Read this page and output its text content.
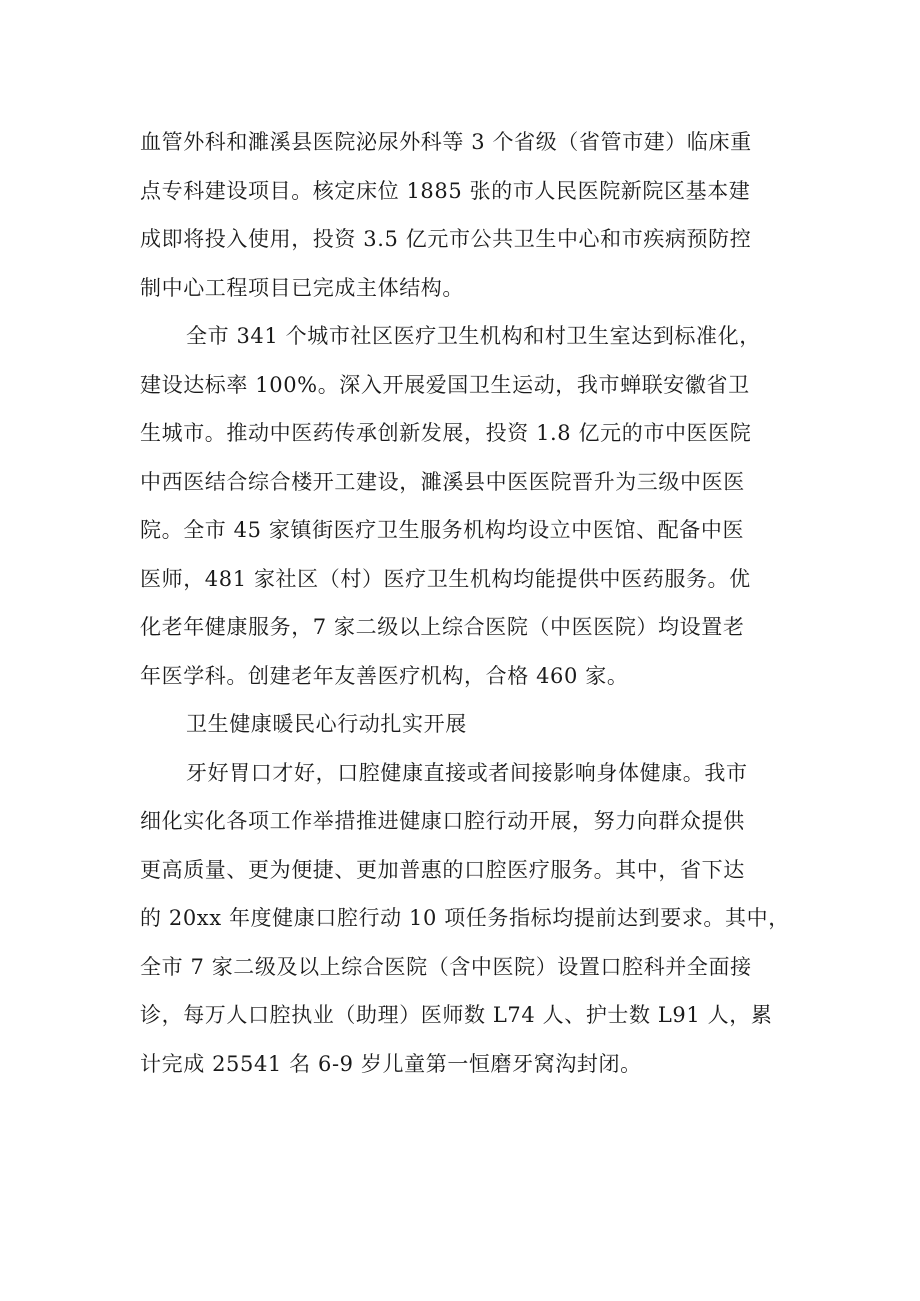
血管外科和濉溪县医院泌尿外科等 3 个省级（省管市建）临床重
点专科建设项目。核定床位 1885 张的市人民医院新院区基本建
成即将投入使用，投资 3.5 亿元市公共卫生中心和市疾病预防控
制中心工程项目已完成主体结构。

全市 341 个城市社区医疗卫生机构和村卫生室达到标准化，
建设达标率 100%。深入开展爱国卫生运动，我市蝉联安徽省卫
生城市。推动中医药传承创新发展，投资 1.8 亿元的市中医医院
中西医结合综合楼开工建设，濉溪县中医医院晋升为三级中医医
院。全市 45 家镇街医疗卫生服务机构均设立中医馆、配备中医
医师，481 家社区（村）医疗卫生机构均能提供中医药服务。优
化老年健康服务，7 家二级以上综合医院（中医医院）均设置老
年医学科。创建老年友善医疗机构，合格 460 家。

卫生健康暖民心行动扎实开展

牙好胃口才好，口腔健康直接或者间接影响身体健康。我市
细化实化各项工作举措推进健康口腔行动开展，努力向群众提供
更高质量、更为便捷、更加普惠的口腔医疗服务。其中，省下达
的 20xx 年度健康口腔行动 10 项任务指标均提前达到要求。其中，
全市 7 家二级及以上综合医院（含中医院）设置口腔科并全面接
诊，每万人口腔执业（助理）医师数 L74 人、护士数 L91 人，累
计完成 25541 名 6-9 岁儿童第一恒磨牙窝沟封闭。
